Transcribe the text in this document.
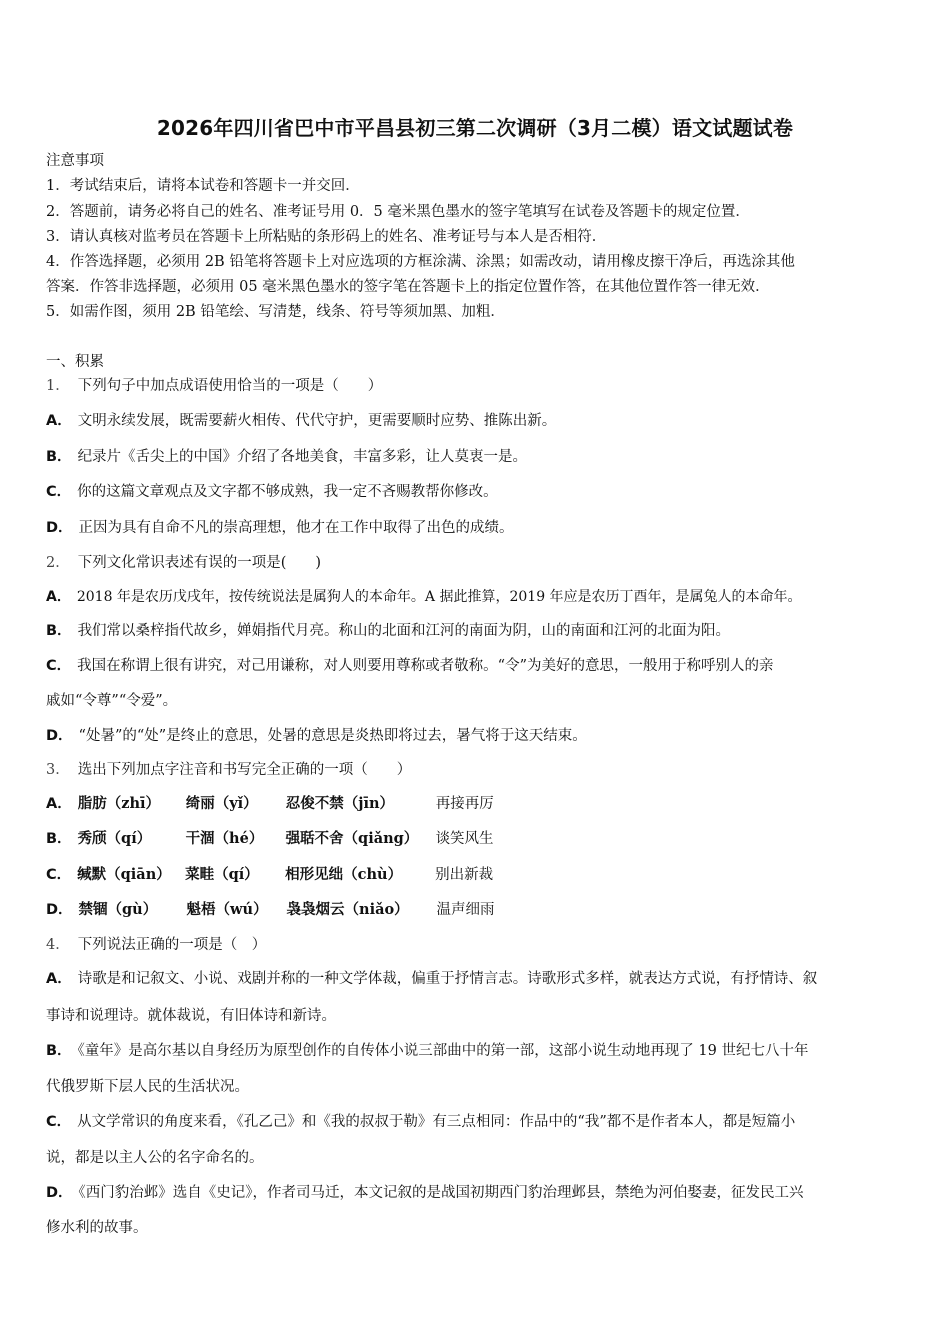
2026年四川省巴中市平昌县初三第二次调研（3月二模）语文试题试卷
注意事项
1．考试结束后，请将本试卷和答题卡一并交回．
2．答题前，请务必将自己的姓名、准考证号用 0．5 毫米黑色墨水的签字笔填写在试卷及答题卡的规定位置．
3．请认真核对监考员在答题卡上所粘贴的条形码上的姓名、准考证号与本人是否相符．
4．作答选择题，必须用 2B 铅笔将答题卡上对应选项的方框涂满、涂黑；如需改动，请用橡皮擦干净后，再选涂其他
答案．作答非选择题，必须用 05 毫米黑色墨水的签字笔在答题卡上的指定位置作答，在其他位置作答一律无效．
5．如需作图，须用 2B 铅笔绘、写清楚，线条、符号等须加黑、加粗．
一、积累
1． 下列句子中加点成语使用恰当的一项是（　　）
A． 文明永续发展，既需要薪火相传、代代守护，更需要顺时应势、推陈出新。
B． 纪录片《舌尖上的中国》介绍了各地美食，丰富多彩，让人莫衷一是。
C． 你的这篇文章观点及文字都不够成熟，我一定不吝赐教帮你修改。
D． 正因为具有自命不凡的崇高理想，他才在工作中取得了出色的成绩。
2． 下列文化常识表述有误的一项是(　　)
A． 2018 年是农历戊戌年，按传统说法是属狗人的本命年。A 据此推算，2019 年应是农历丁酉年，是属兔人的本命年。
B． 我们常以桑梓指代故乡，婵娟指代月亮。称山的北面和江河的南面为阴，山的南面和江河的北面为阳。
C． 我国在称谓上很有讲究，对己用谦称，对人则要用尊称或者敬称。“令”为美好的意思，一般用于称呼别人的亲
戚如“令尊”“令爱”。
D． “处暑”的“处”是终止的意思，处暑的意思是炎热即将过去，暑气将于这天结束。
3． 选出下列加点字注音和书写完全正确的一项（　　）
A． 脂肪（zhī） 绮丽（yǐ） 忍俊不禁（jīn）	再接再厉
B． 秀颀（qí） 干涸（hé） 强聒不舍（qiǎng） 谈笑风生
C． 缄默（qiān） 菜畦（qí） 相形见绌（chù） 别出新裁
D． 禁锢（gù） 魁梧（wú） 袅袅烟云（niǎo） 温声细雨
4． 下列说法正确的一项是（　）
A． 诗歌是和记叙文、小说、戏剧并称的一种文学体裁，偏重于抒情言志。诗歌形式多样，就表达方式说，有抒情诗、叙
事诗和说理诗。就体裁说，有旧体诗和新诗。
B． 《童年》是高尔基以自身经历为原型创作的自传体小说三部曲中的第一部，这部小说生动地再现了 19 世纪七八十年
代俄罗斯下层人民的生活状况。
C． 从文学常识的角度来看，《孔乙己》和《我的叔叔于勒》有三点相同：作品中的“我”都不是作者本人，都是短篇小
说，都是以主人公的名字命名的。
D． 《西门豹治邺》选自《史记》，作者司马迁，本文记叙的是战国初期西门豹治理邺县，禁绝为河伯娶妻，征发民工兴
修水利的故事。
